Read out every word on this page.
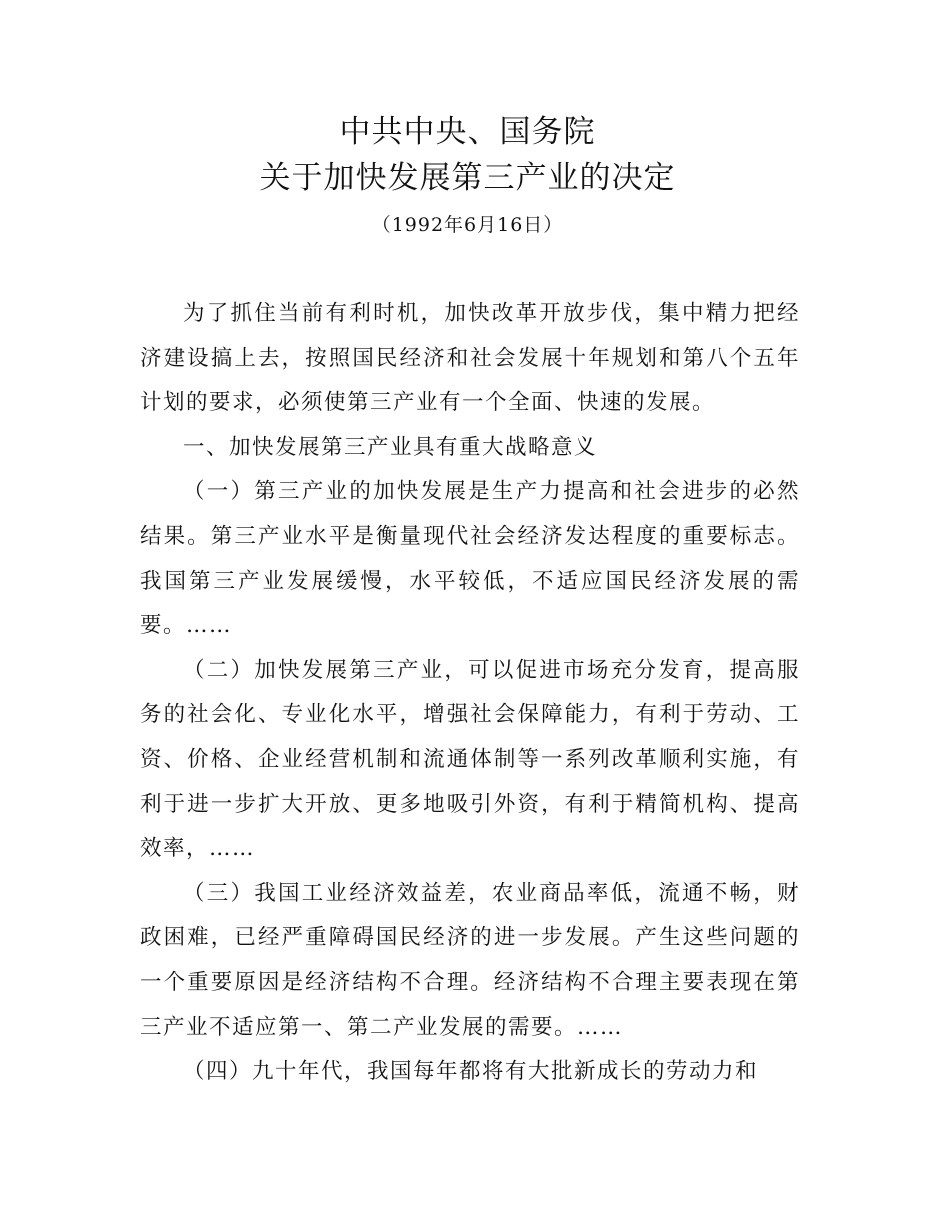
中共中央、国务院
关于加快发展第三产业的决定
（1992年6月16日）

为了抓住当前有利时机，加快改革开放步伐，集中精力把经济建设搞上去，按照国民经济和社会发展十年规划和第八个五年计划的要求，必须使第三产业有一个全面、快速的发展。

一、加快发展第三产业具有重大战略意义

（一）第三产业的加快发展是生产力提高和社会进步的必然结果。第三产业水平是衡量现代社会经济发达程度的重要标志。我国第三产业发展缓慢，水平较低，不适应国民经济发展的需要。……

（二）加快发展第三产业，可以促进市场充分发育，提高服务的社会化、专业化水平，增强社会保障能力，有利于劳动、工资、价格、企业经营机制和流通体制等一系列改革顺利实施，有利于进一步扩大开放、更多地吸引外资，有利于精简机构、提高效率，……

（三）我国工业经济效益差，农业商品率低，流通不畅，财政困难，已经严重障碍国民经济的进一步发展。产生这些问题的一个重要原因是经济结构不合理。经济结构不合理主要表现在第三产业不适应第一、第二产业发展的需要。……

（四）九十年代，我国每年都将有大批新成长的劳动力和
